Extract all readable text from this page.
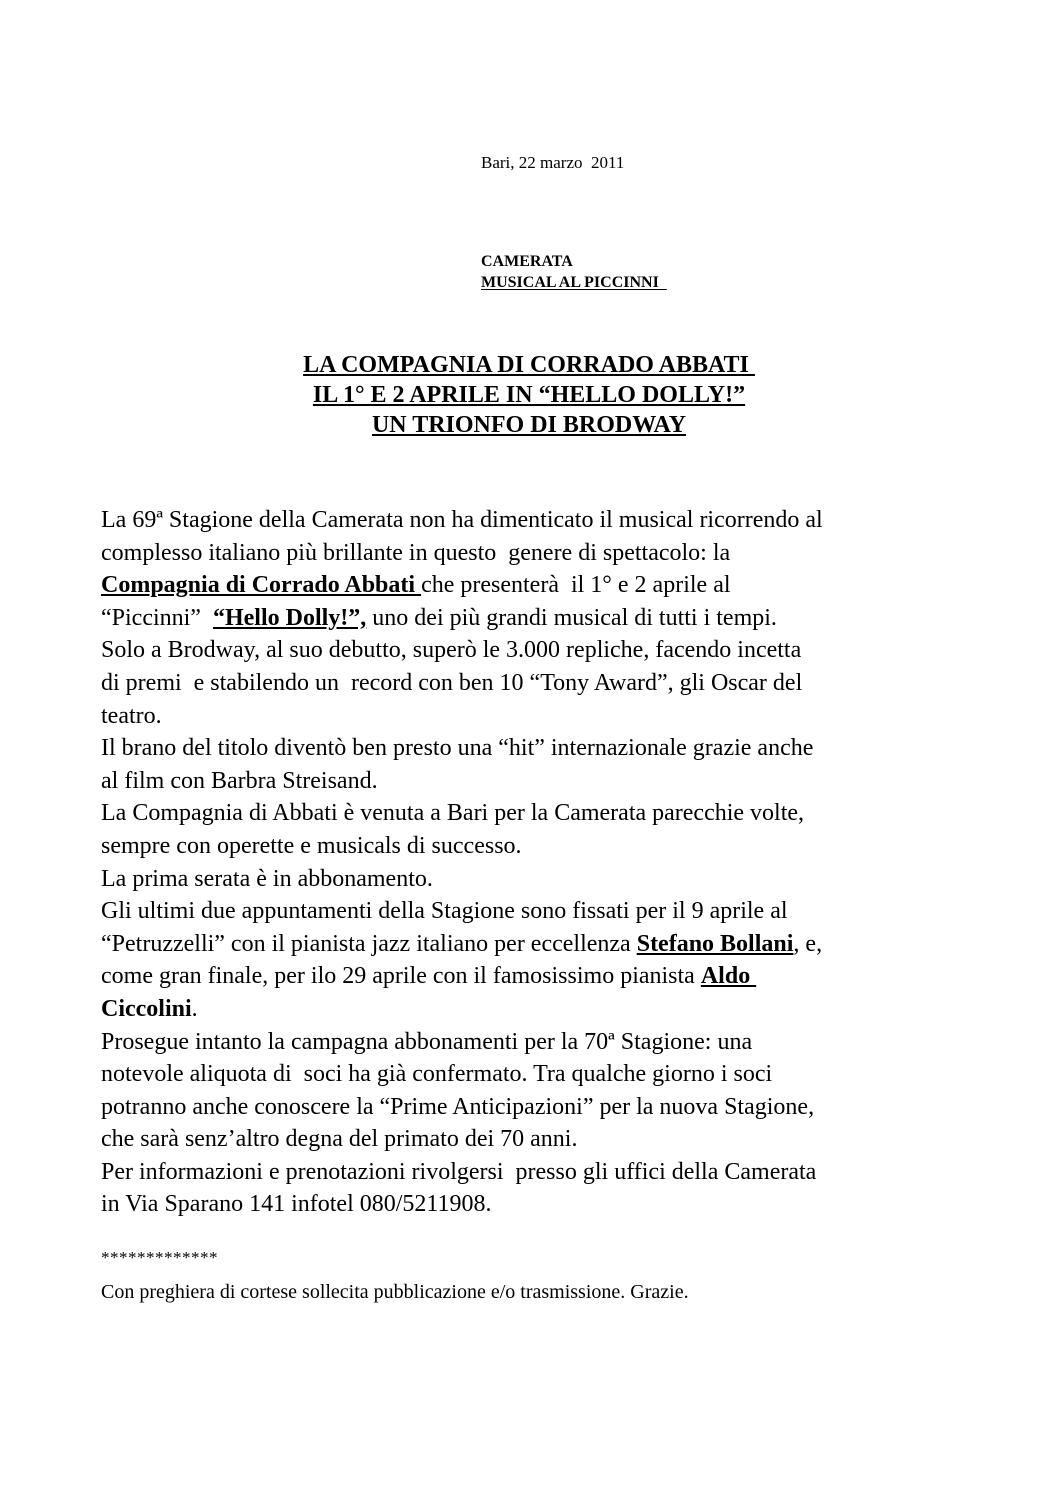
Bari, 22 marzo  2011
CAMERATA
MUSICAL AL PICCINNI
LA COMPAGNIA DI CORRADO ABBATI
IL 1° E 2 APRILE IN “HELLO DOLLY!”
UN TRIONFO DI BRODWAY
La 69ª Stagione della Camerata non ha dimenticato il musical ricorrendo al
complesso italiano più brillante in questo  genere di spettacolo: la
Compagnia di Corrado Abbati che presenterà  il 1° e 2 aprile al
“Piccinni”  “Hello Dolly!”, uno dei più grandi musical di tutti i tempi.
Solo a Brodway, al suo debutto, superò le 3.000 repliche, facendo incetta
di premi  e stabilendo un  record con ben 10 “Tony Award”, gli Oscar del
teatro.
Il brano del titolo diventò ben presto una “hit” internazionale grazie anche
al film con Barbra Streisand.
La Compagnia di Abbati è venuta a Bari per la Camerata parecchie volte,
sempre con operette e musicals di successo.
La prima serata è in abbonamento.
Gli ultimi due appuntamenti della Stagione sono fissati per il 9 aprile al
“Petruzzelli” con il pianista jazz italiano per eccellenza Stefano Bollani, e,
come gran finale, per ilo 29 aprile con il famosissimo pianista Aldo
Ciccolini.
Prosegue intanto la campagna abbonamenti per la 70ª Stagione: una
notevole aliquota di  soci ha già confermato. Tra qualche giorno i soci
potranno anche conoscere la “Prime Anticipazioni” per la nuova Stagione,
che sarà senz’altro degna del primato dei 70 anni.
Per informazioni e prenotazioni rivolgersi  presso gli uffici della Camerata
in Via Sparano 141 infotel 080/5211908.
*************
Con preghiera di cortese sollecita pubblicazione e/o trasmissione. Grazie.
